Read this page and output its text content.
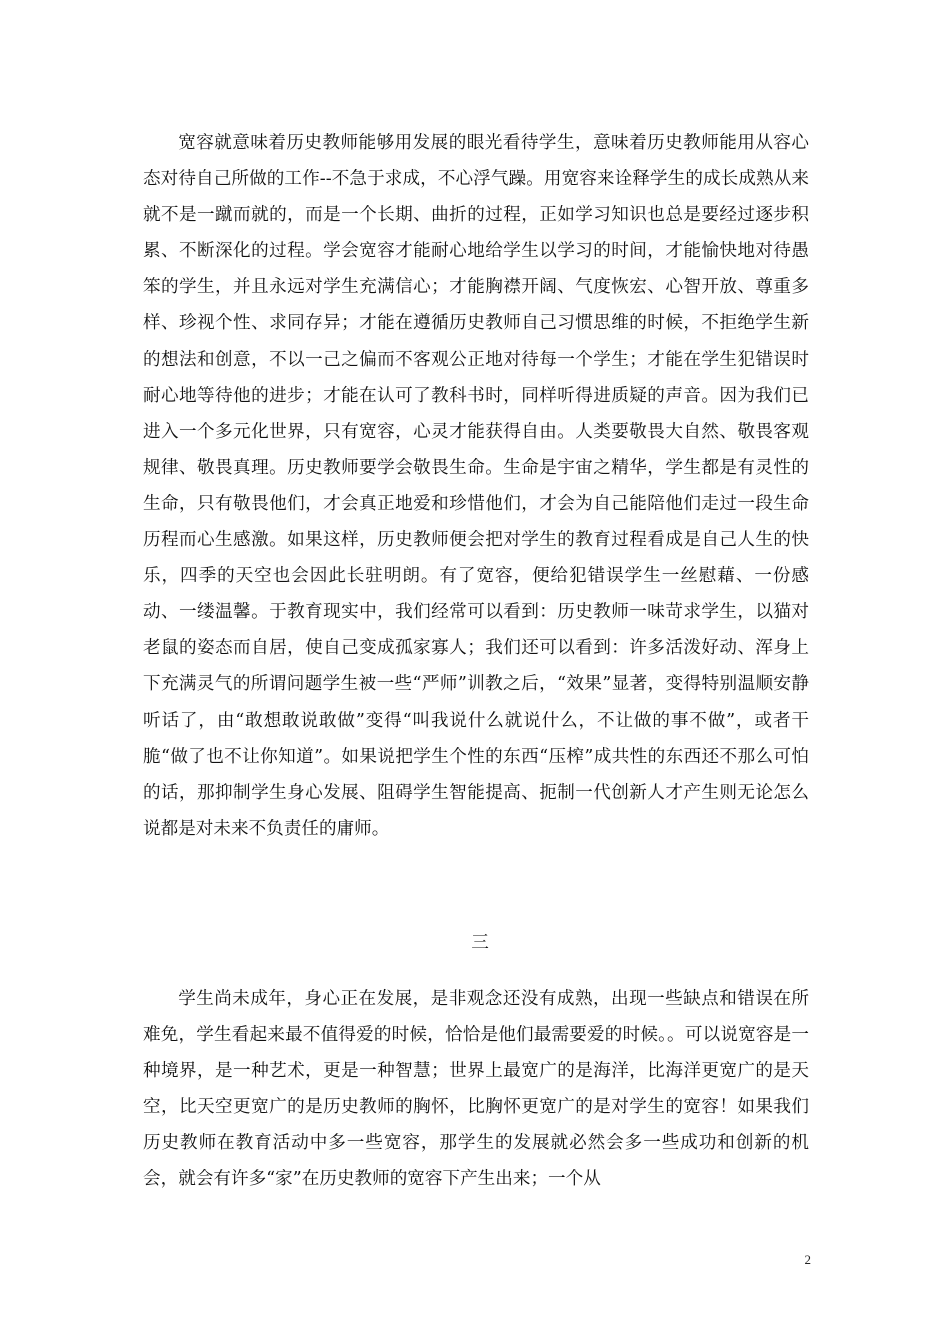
宽容就意味着历史教师能够用发展的眼光看待学生，意味着历史教师能用从容心态对待自己所做的工作--不急于求成，不心浮气躁。用宽容来诠释学生的成长成熟从来就不是一蹴而就的，而是一个长期、曲折的过程，正如学习知识也总是要经过逐步积累、不断深化的过程。学会宽容才能耐心地给学生以学习的时间，才能愉快地对待愚笨的学生，并且永远对学生充满信心；才能胸襟开阔、气度恢宏、心智开放、尊重多样、珍视个性、求同存异；才能在遵循历史教师自己习惯思维的时候，不拒绝学生新的想法和创意，不以一己之偏而不客观公正地对待每一个学生；才能在学生犯错误时耐心地等待他的进步；才能在认可了教科书时，同样听得进质疑的声音。因为我们已进入一个多元化世界，只有宽容，心灵才能获得自由。人类要敬畏大自然、敬畏客观规律、敬畏真理。历史教师要学会敬畏生命。生命是宇宙之精华，学生都是有灵性的生命，只有敬畏他们，才会真正地爱和珍惜他们，才会为自己能陪他们走过一段生命历程而心生感激。如果这样，历史教师便会把对学生的教育过程看成是自己人生的快乐，四季的天空也会因此长驻明朗。有了宽容，便给犯错误学生一丝慰藉、一份感动、一缕温馨。于教育现实中，我们经常可以看到：历史教师一味苛求学生，以猫对老鼠的姿态而自居，使自己变成孤家寡人；我们还可以看到：许多活泼好动、浑身上下充满灵气的所谓问题学生被一些“严师”训教之后，“效果”显著，变得特别温顺安静听话了，由“敢想敢说敢做”变得“叫我说什么就说什么，不让做的事不做”，或者干脆“做了也不让你知道”。如果说把学生个性的东西“压榨”成共性的东西还不那么可怕的话，那抑制学生身心发展、阻碍学生智能提高、扼制一代创新人才产生则无论怎么说都是对未来不负责任的庸师。

三

学生尚未成年，身心正在发展，是非观念还没有成熟，出现一些缺点和错误在所难免，学生看起来最不值得爱的时候，恰恰是他们最需要爱的时候。。可以说宽容是一种境界，是一种艺术，更是一种智慧；世界上最宽广的是海洋，比海洋更宽广的是天空，比天空更宽广的是历史教师的胸怀，比胸怀更宽广的是对学生的宽容！如果我们历史教师在教育活动中多一些宽容，那学生的发展就必然会多一些成功和创新的机会，就会有许多“家”在历史教师的宽容下产生出来；一个从

2
